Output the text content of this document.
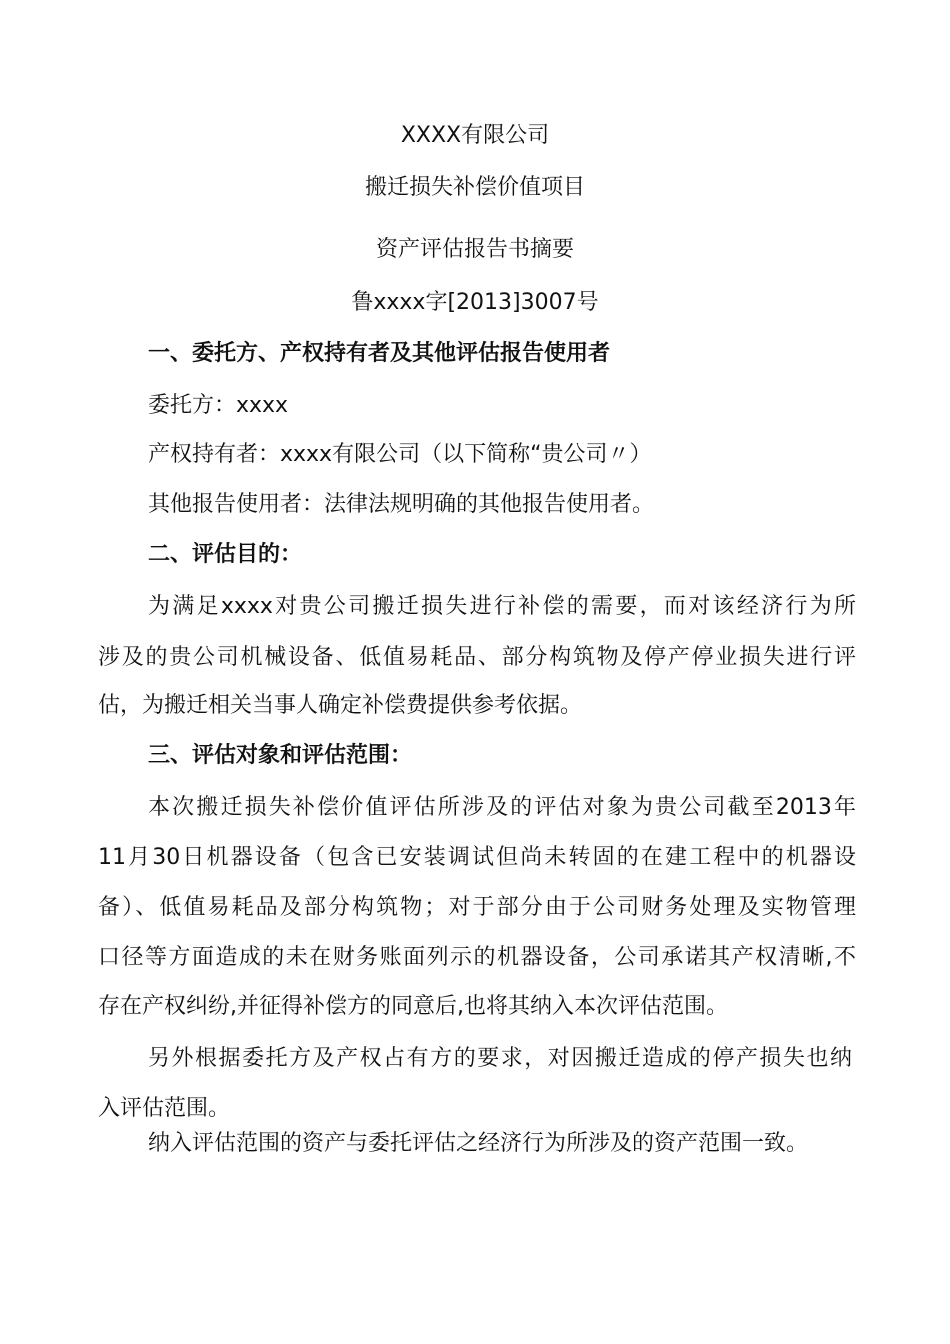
XXXX有限公司
搬迁损失补偿价值项目
资产评估报告书摘要
鲁xxxx字[2013]3007号
一、委托方、产权持有者及其他评估报告使用者
委托方：xxxx
产权持有者：xxxx有限公司（以下简称“贵公司〃）
其他报告使用者：法律法规明确的其他报告使用者。
二、评估目的：
为满足xxxx对贵公司搬迁损失进行补偿的需要，而对该经济行为所
涉及的贵公司机械设备、低值易耗品、部分构筑物及停产停业损失进行评
估，为搬迁相关当事人确定补偿费提供参考依据。
三、评估对象和评估范围：
本次搬迁损失补偿价值评估所涉及的评估对象为贵公司截至2013年
11月30日机器设备（包含已安装调试但尚未转固的在建工程中的机器设
备）、低值易耗品及部分构筑物；对于部分由于公司财务处理及实物管理
口径等方面造成的未在财务账面列示的机器设备，公司承诺其产权清晰,不
存在产权纠纷,并征得补偿方的同意后,也将其纳入本次评估范围。
另外根据委托方及产权占有方的要求，对因搬迁造成的停产损失也纳
入评估范围。
纳入评估范围的资产与委托评估之经济行为所涉及的资产范围一致。
